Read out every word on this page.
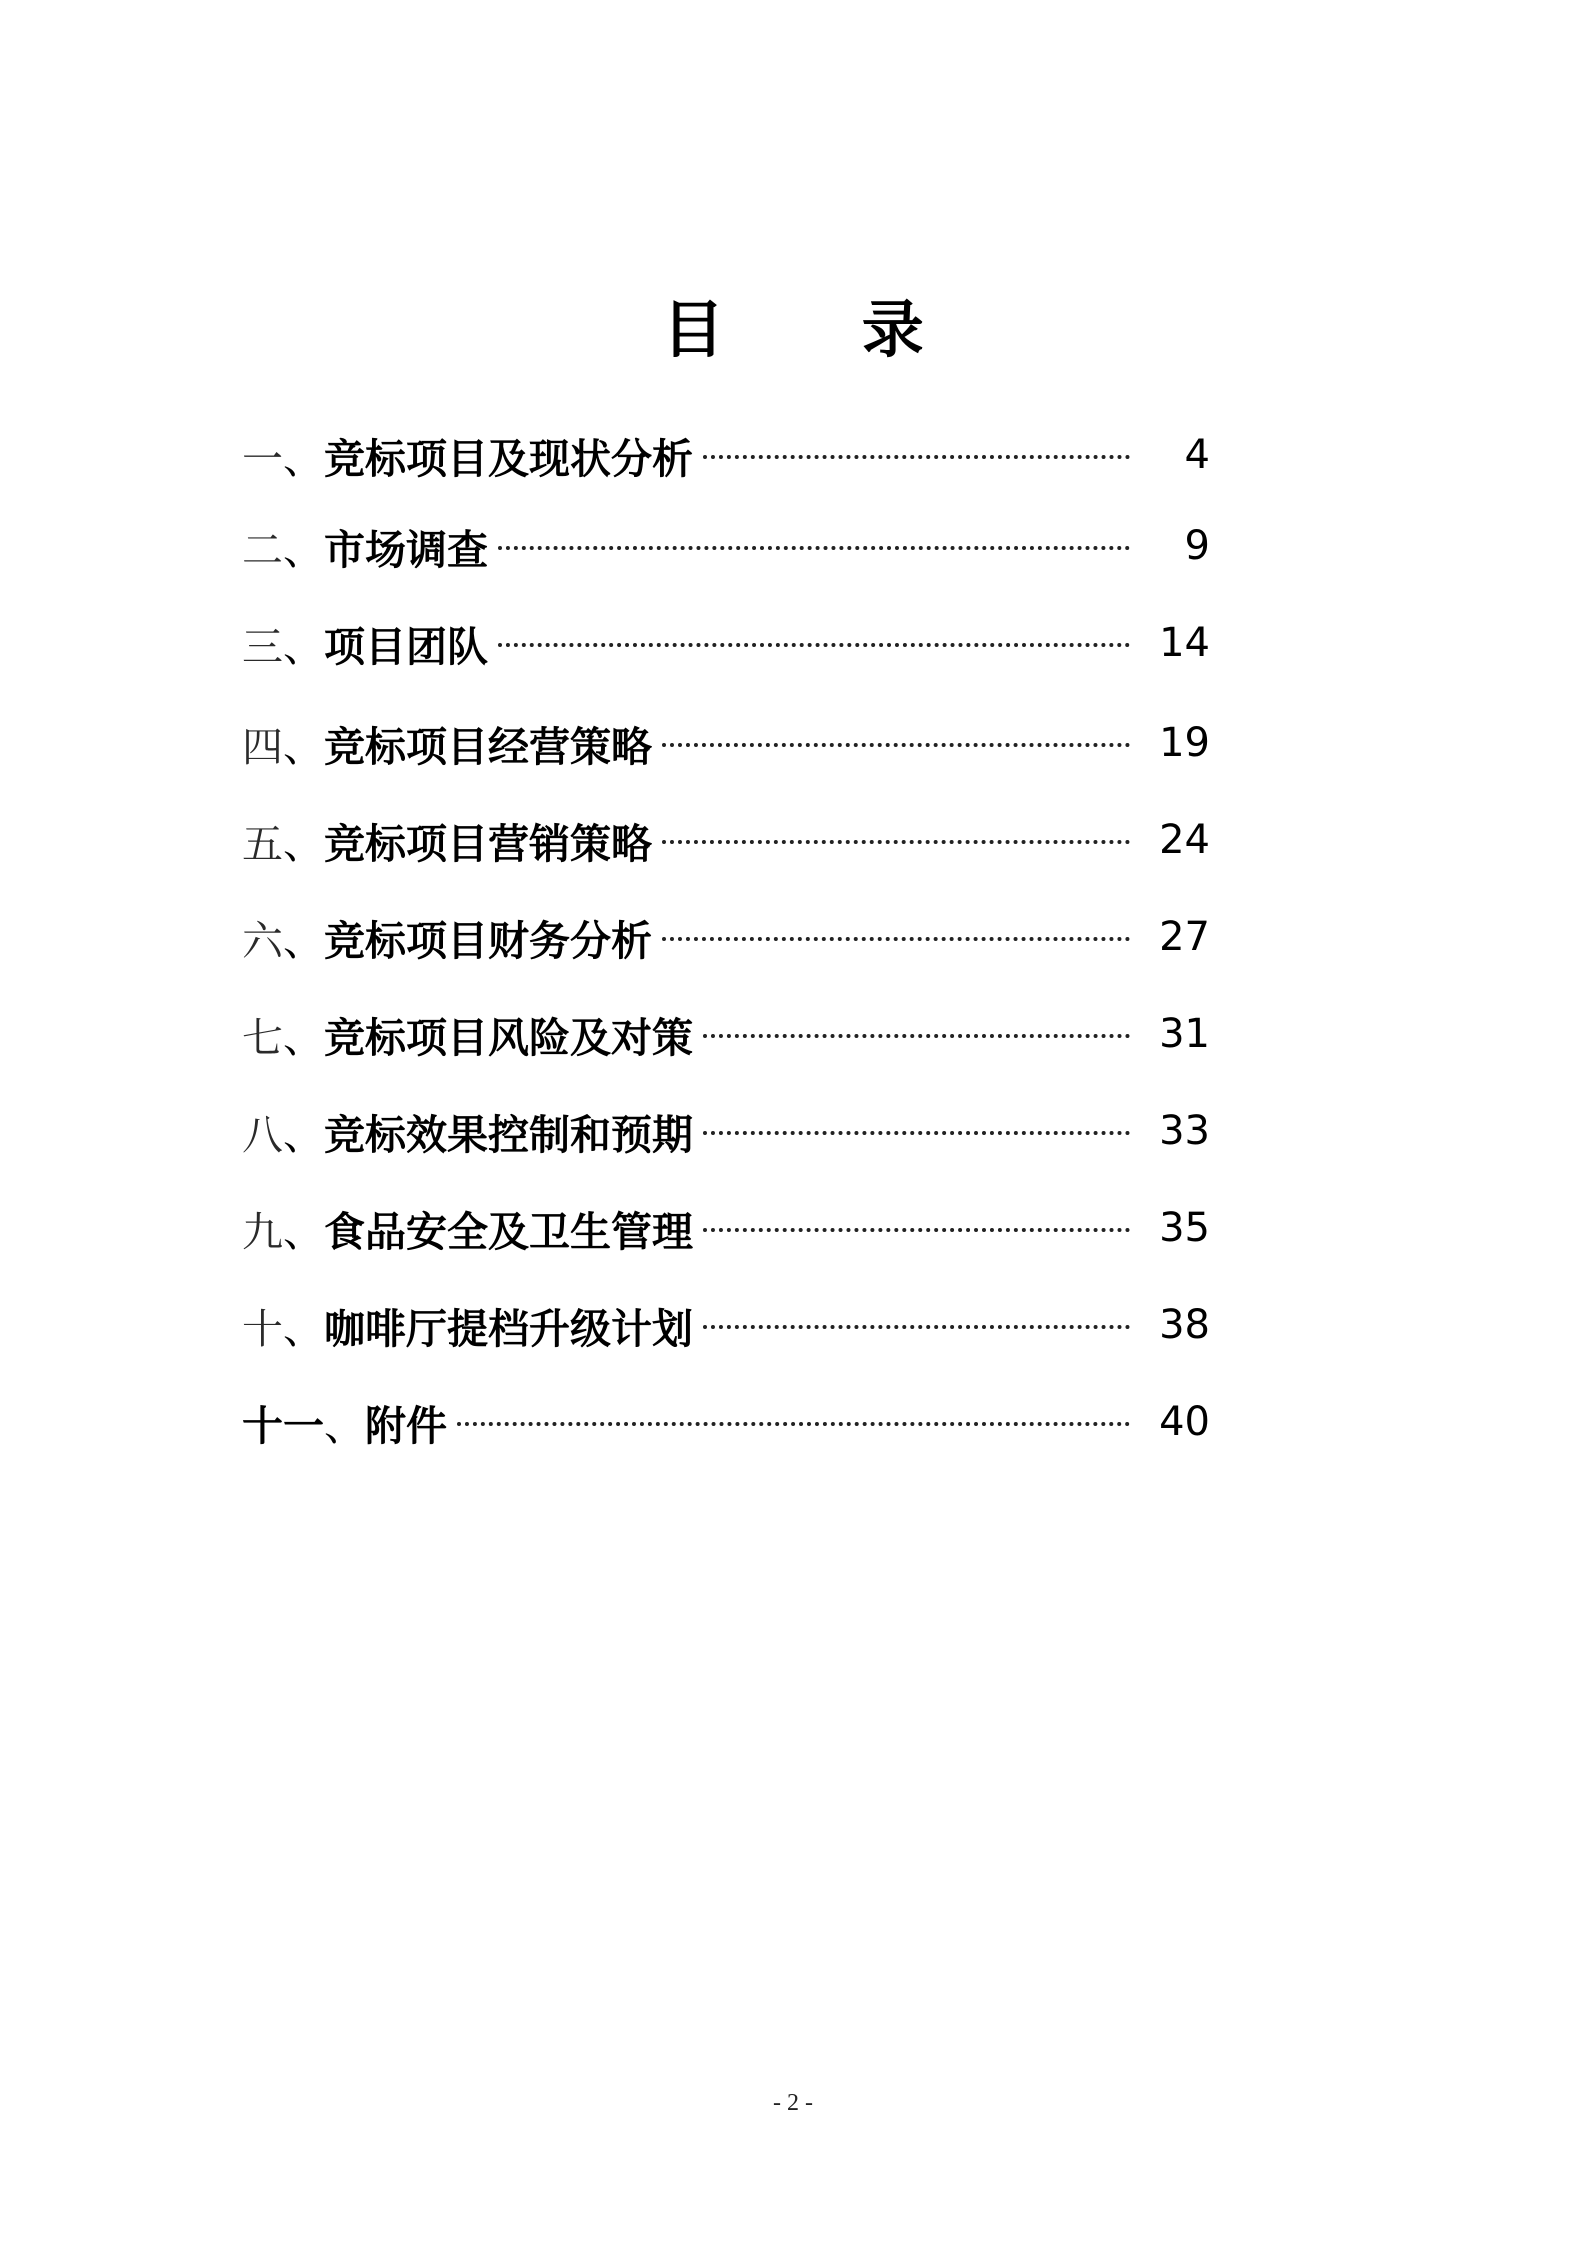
目 录
一 、 竞标项目及现状分析	4
二 、 市场调查	9
三 、 项目团队	14
四 、 竞标项目经营策略	19
五 、 竞标项目营销策略	24
六 、 竞标项目财务分析	27
七 、 竞标项目风险及对策	31
八 、 竞标效果控制和预期	33
九 、 食品安全及卫生管理	35
十 、 咖啡厅提档升级计划	38
十一 、 附件	40
- 2 -
